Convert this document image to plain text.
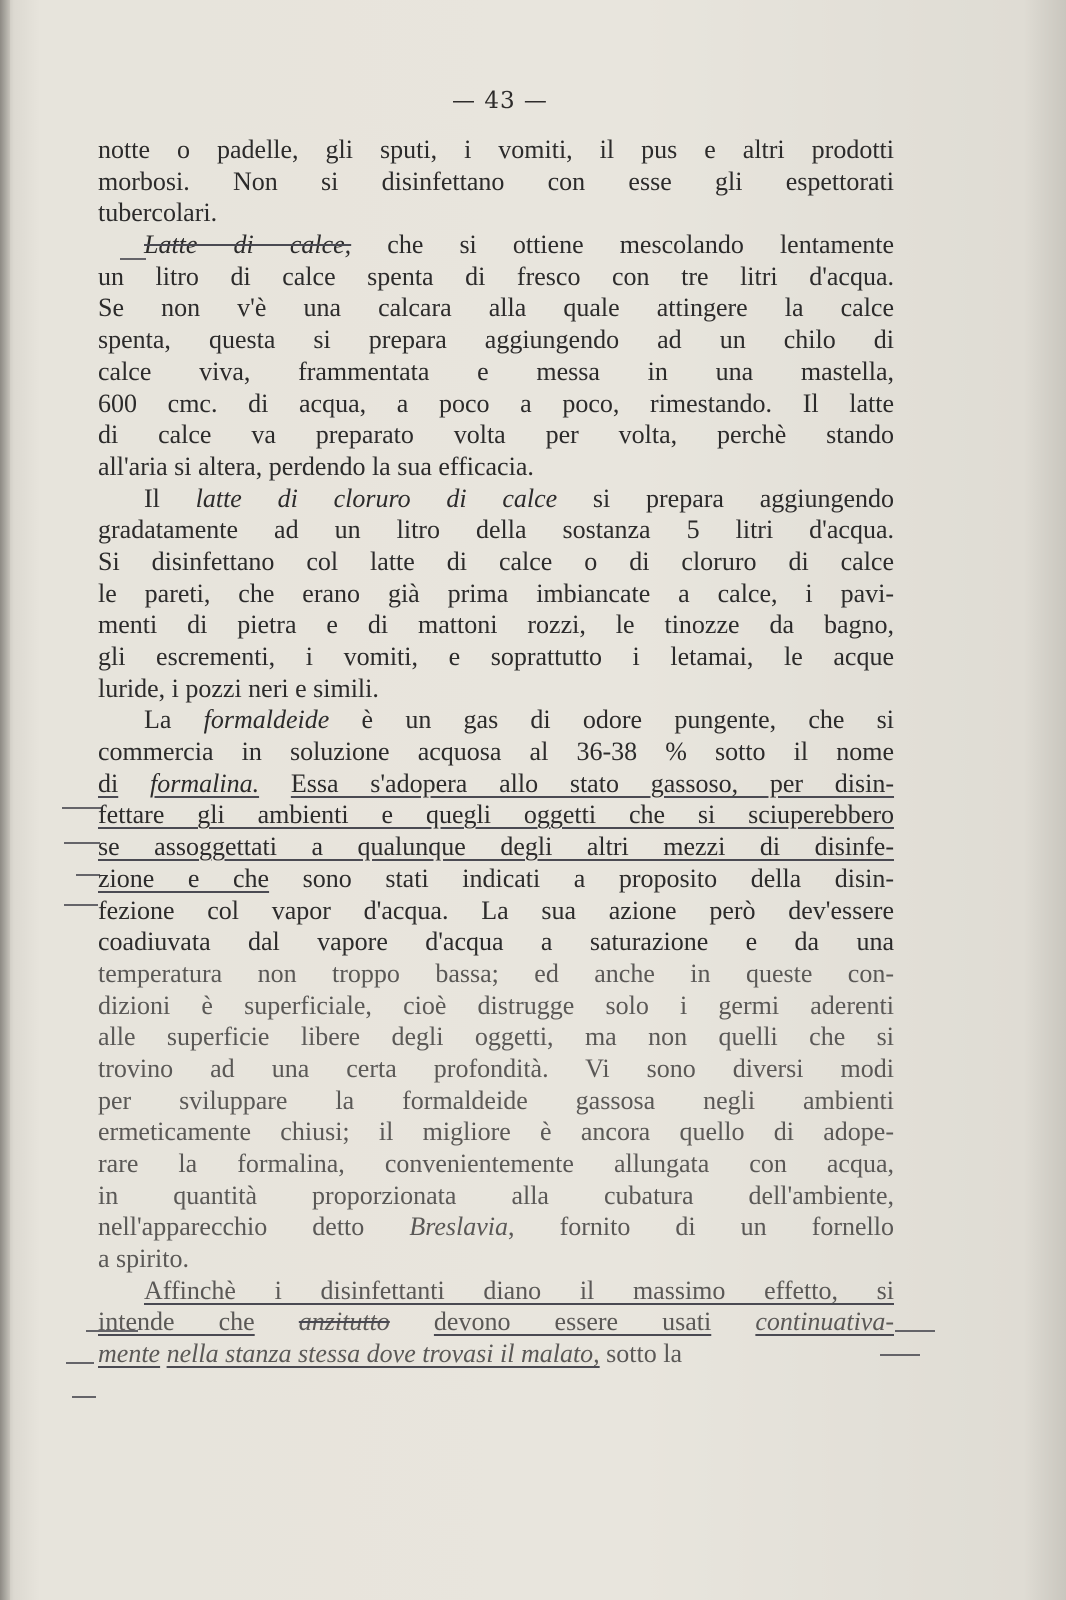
— 43 —
notte o padelle, gli sputi, i vomiti, il pus e altri prodotti
morbosi. Non si disinfettano con esse gli espettorati
tubercolari.
Latte di calce, che si ottiene mescolando lentamente
un litro di calce spenta di fresco con tre litri d'acqua.
Se non v'è una calcara alla quale attingere la calce
spenta, questa si prepara aggiungendo ad un chilo di
calce viva, frammentata e messa in una mastella,
600 cmc. di acqua, a poco a poco, rimestando. Il latte
di calce va preparato volta per volta, perchè stando
all'aria si altera, perdendo la sua efficacia.
Il latte di cloruro di calce si prepara aggiungendo
gradatamente ad un litro della sostanza 5 litri d'acqua.
Si disinfettano col latte di calce o di cloruro di calce
le pareti, che erano già prima imbiancate a calce, i pavi-
menti di pietra e di mattoni rozzi, le tinozze da bagno,
gli escrementi, i vomiti, e soprattutto i letamai, le acque
luride, i pozzi neri e simili.
La formaldeide è un gas di odore pungente, che si
commercia in soluzione acquosa al 36-38 % sotto il nome
di formalina. Essa s'adopera allo stato gassoso, per disin-
fettare gli ambienti e quegli oggetti che si sciuperebbero
se assoggettati a qualunque degli altri mezzi di disinfe-
zione e che sono stati indicati a proposito della disin-
fezione col vapor d'acqua. La sua azione però dev'essere
coadiuvata dal vapore d'acqua a saturazione e da una
temperatura non troppo bassa; ed anche in queste con-
dizioni è superficiale, cioè distrugge solo i germi aderenti
alle superficie libere degli oggetti, ma non quelli che si
trovino ad una certa profondità. Vi sono diversi modi
per sviluppare la formaldeide gassosa negli ambienti
ermeticamente chiusi; il migliore è ancora quello di adope-
rare la formalina, convenientemente allungata con acqua,
in quantità proporzionata alla cubatura dell'ambiente,
nell'apparecchio detto Breslavia, fornito di un fornello
a spirito.
Affinchè i disinfettanti diano il massimo effetto, si
intende che anzitutto devono essere usati continuativa-
mente nella stanza stessa dove trovasi il malato, sotto la
